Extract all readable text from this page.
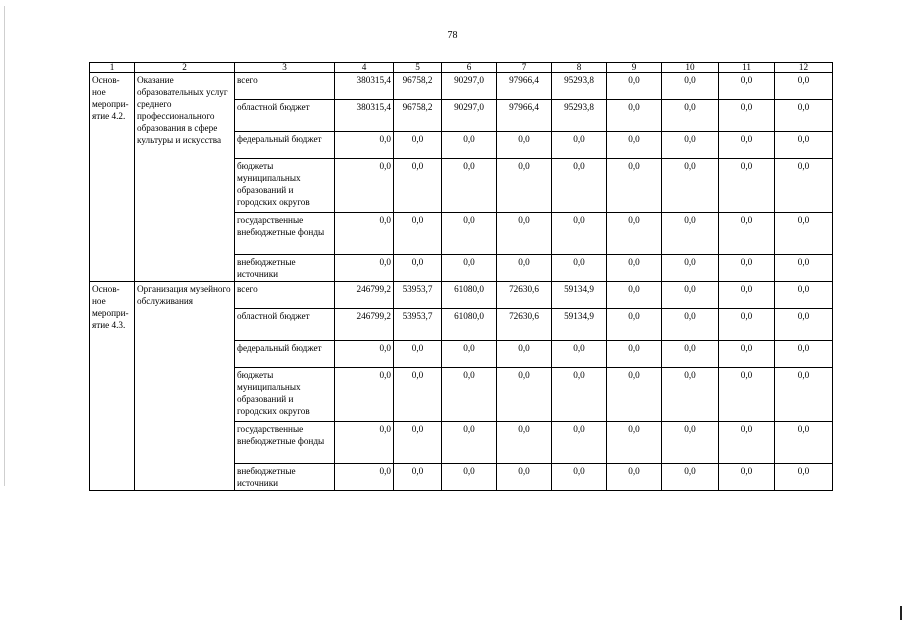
78
1	2	3	4	5	6	7	8	9	10	11	12
Основ-ное меропри-ятие 4.2.	Оказание образовательных услуг среднего профессионального образования в сфере культуры и искусства	всего	380315,4	96758,2	90297,0	97966,4	95293,8	0,0	0,0	0,0	0,0
		областной бюджет	380315,4	96758,2	90297,0	97966,4	95293,8	0,0	0,0	0,0	0,0
		федеральный бюджет	0,0	0,0	0,0	0,0	0,0	0,0	0,0	0,0	0,0
		бюджеты муниципальных образований и городских округов	0,0	0,0	0,0	0,0	0,0	0,0	0,0	0,0	0,0
		государственные внебюджетные фонды	0,0	0,0	0,0	0,0	0,0	0,0	0,0	0,0	0,0
		внебюджетные источники	0,0	0,0	0,0	0,0	0,0	0,0	0,0	0,0	0,0
Основ-ное меропри-ятие 4.3.	Организация музейного обслуживания	всего	246799,2	53953,7	61080,0	72630,6	59134,9	0,0	0,0	0,0	0,0
		областной бюджет	246799,2	53953,7	61080,0	72630,6	59134,9	0,0	0,0	0,0	0,0
		федеральный бюджет	0,0	0,0	0,0	0,0	0,0	0,0	0,0	0,0	0,0
		бюджеты муниципальных образований и городских округов	0,0	0,0	0,0	0,0	0,0	0,0	0,0	0,0	0,0
		государственные внебюджетные фонды	0,0	0,0	0,0	0,0	0,0	0,0	0,0	0,0	0,0
		внебюджетные источники	0,0	0,0	0,0	0,0	0,0	0,0	0,0	0,0	0,0
